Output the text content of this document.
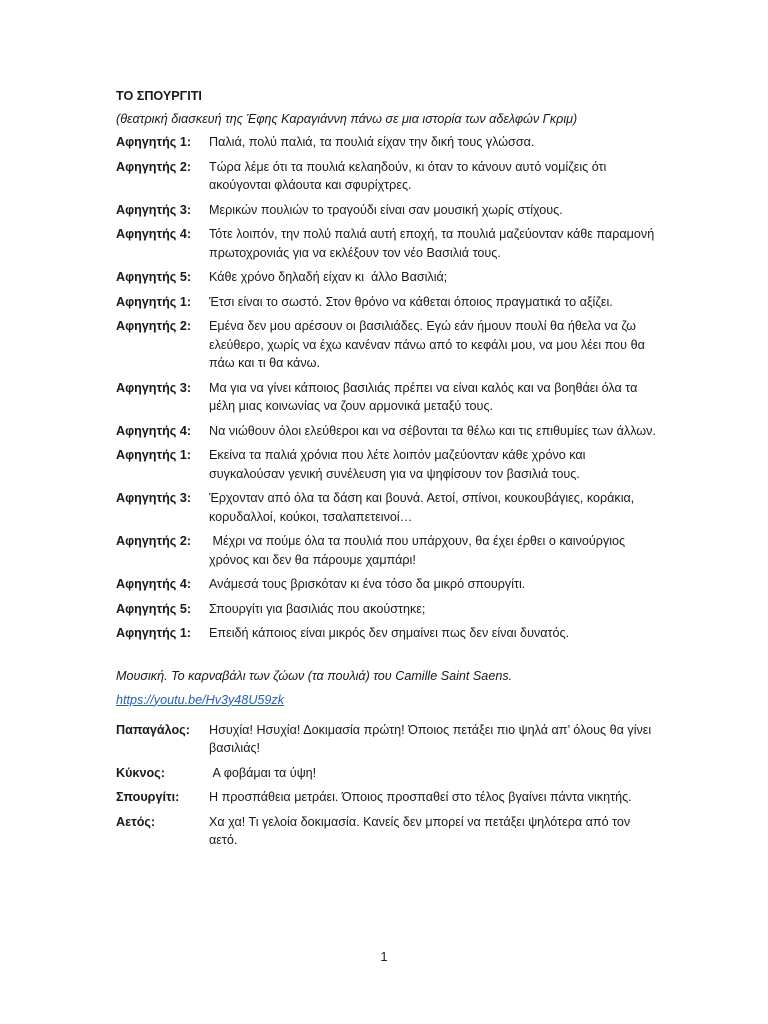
ΤΟ ΣΠΟΥΡΓΙΤΙ
(θεατρική διασκευή της Έφης Καραγιάννη πάνω σε μια ιστορία των αδελφών Γκριμ)
Αφηγητής 1:	Παλιά, πολύ παλιά, τα πουλιά είχαν την δική τους γλώσσα.
Αφηγητής 2:	Τώρα λέμε ότι τα πουλιά κελαηδούν, κι όταν το κάνουν αυτό νομίζεις ότι ακούγονται φλάουτα και σφυρίχτρες.
Αφηγητής 3:	Μερικών πουλιών το τραγούδι είναι σαν μουσική χωρίς στίχους.
Αφηγητής 4:	Τότε λοιπόν, την πολύ παλιά αυτή εποχή, τα πουλιά μαζεύονταν κάθε παραμονή πρωτοχρονιάς για να εκλέξουν τον νέο Βασιλιά τους.
Αφηγητής 5:	Κάθε χρόνο δηλαδή είχαν κι  άλλο Βασιλιά;
Αφηγητής 1:	Έτσι είναι το σωστό. Στον θρόνο να κάθεται όποιος πραγματικά το αξίζει.
Αφηγητής 2:	Εμένα δεν μου αρέσουν οι βασιλιάδες. Εγώ εάν ήμουν πουλί θα ήθελα να ζω ελεύθερο, χωρίς να έχω κανέναν πάνω από το κεφάλι μου, να μου λέει που θα πάω και τι θα κάνω.
Αφηγητής 3:	Μα για να γίνει κάποιος βασιλιάς πρέπει να είναι καλός και να βοηθάει όλα τα μέλη μιας κοινωνίας να ζουν αρμονικά μεταξύ τους.
Αφηγητής 4:	Να νιώθουν όλοι ελεύθεροι και να σέβονται τα θέλω και τις επιθυμίες των άλλων.
Αφηγητής 1:	Εκείνα τα παλιά χρόνια που λέτε λοιπόν μαζεύονταν κάθε χρόνο και συγκαλούσαν γενική συνέλευση για να ψηφίσουν τον βασιλιά τους.
Αφηγητής 3:	Έρχονταν από όλα τα δάση και βουνά. Αετοί, σπίνοι, κουκουβάγιες, κοράκια, κορυδαλλοί, κούκοι, τσαλαπετεινοί…
Αφηγητής 2:	Μέχρι να πούμε όλα τα πουλιά που υπάρχουν, θα έχει έρθει ο καινούργιος χρόνος και δεν θα πάρουμε χαμπάρι!
Αφηγητής 4:	Ανάμεσά τους βρισκόταν κι ένα τόσο δα μικρό σπουργίτι.
Αφηγητής 5:	Σπουργίτι για βασιλιάς που ακούστηκε;
Αφηγητής 1:	Επειδή κάποιος είναι μικρός δεν σημαίνει πως δεν είναι δυνατός.
Μουσική. Το καρναβάλι των ζώων (τα πουλιά) του Camille Saint Saens.
https://youtu.be/Hv3y48U59zk
Παπαγάλος:	Ησυχία! Ησυχία! Δοκιμασία πρώτη! Όποιος πετάξει πιο ψηλά απ’ όλους θα γίνει βασιλιάς!
Κύκνος:	Α φοβάμαι τα ύψη!
Σπουργίτι:	Η προσπάθεια μετράει. Όποιος προσπαθεί στο τέλος βγαίνει πάντα νικητής.
Αετός:	Χα χα! Τι γελοία δοκιμασία. Κανείς δεν μπορεί να πετάξει ψηλότερα από τον αετό.
1
